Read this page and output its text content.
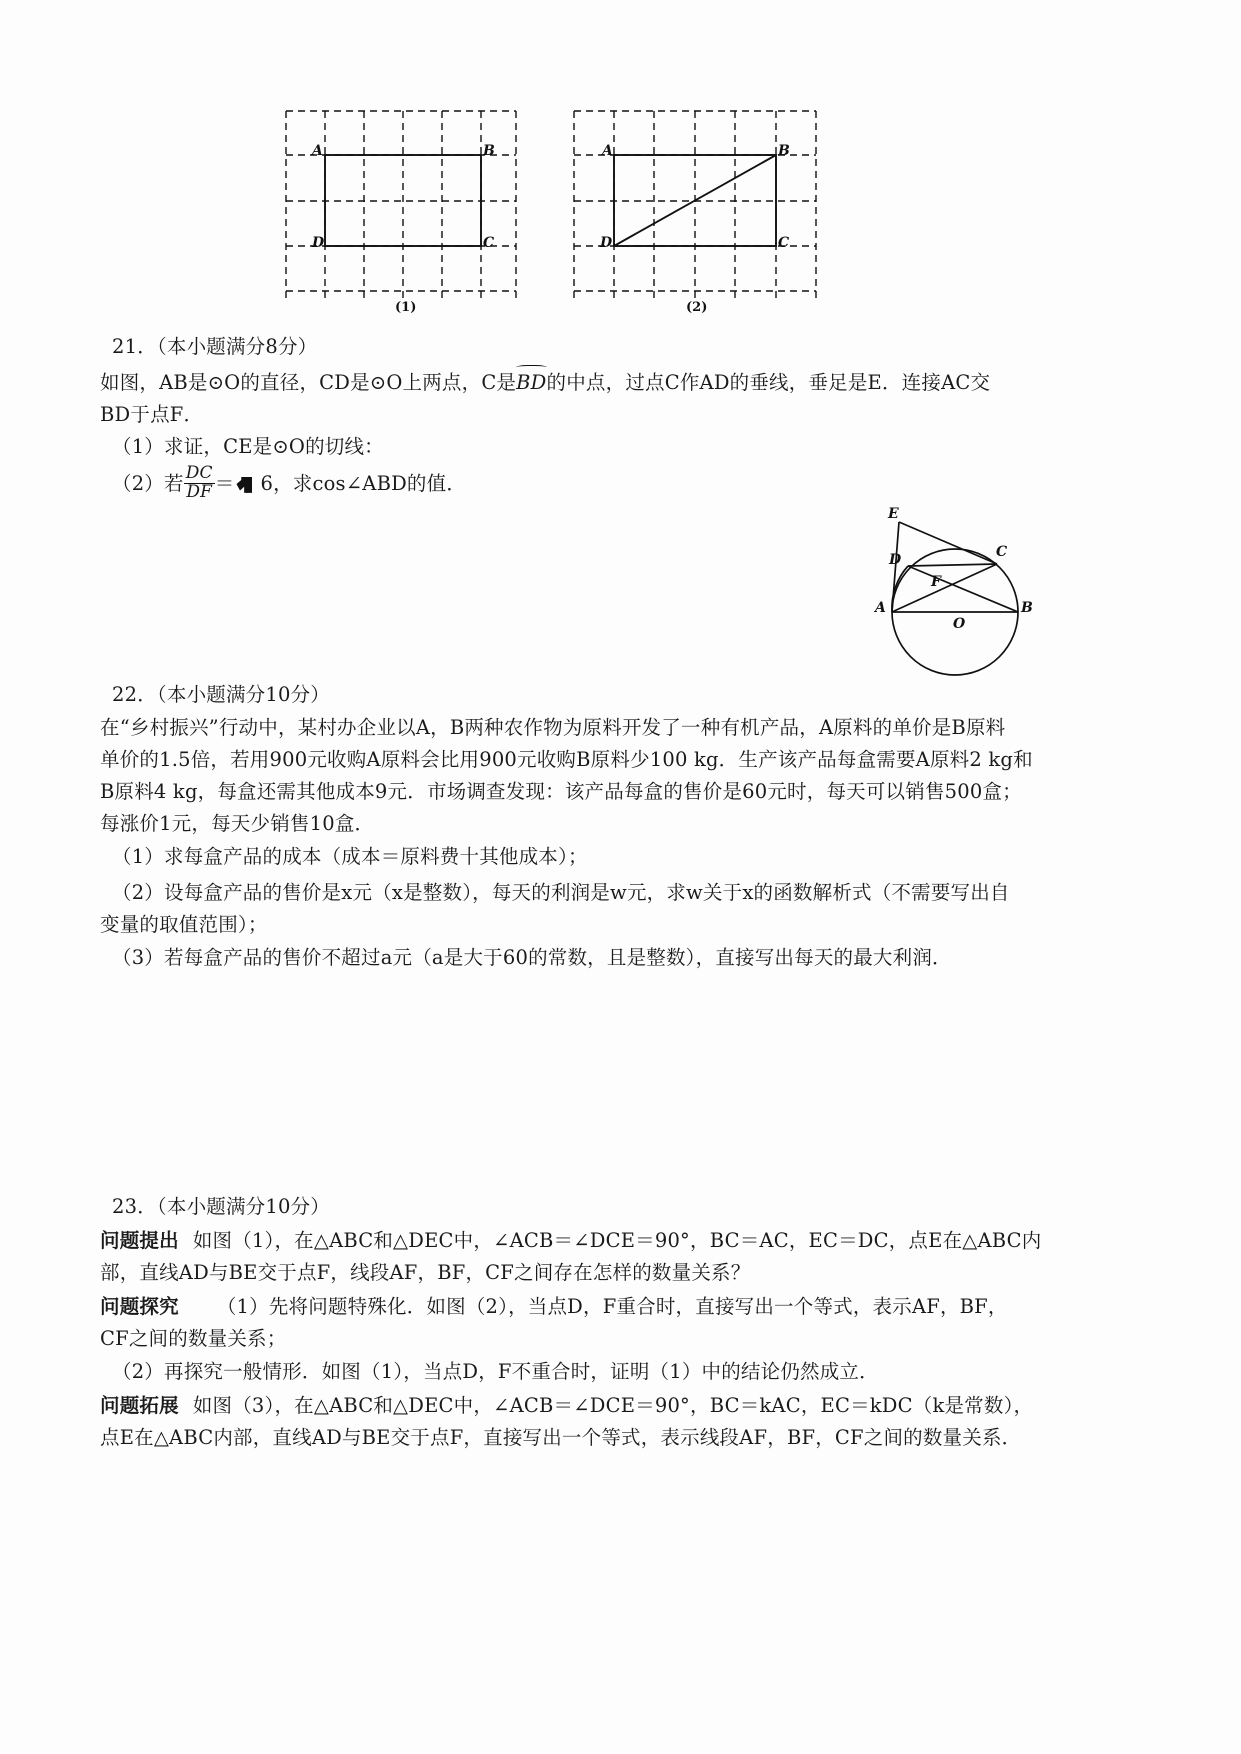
A	B
D	C
(1)
A	B
D	C
(2)
21．（本小题满分8分）
如图，AB是⊙O的直径，CD是⊙O上两点，C是
BD的中点，过点C作AD的垂线，垂足是E．连接AC交
BD于点F．
（1）求证，CE是⊙O的切线：
（2）若 $\frac{DC}{DF} = 6$，求cos∠ABD的值．
E
C
D
F
A	B
O
22．（本小题满分10分）
在“乡村振兴”行动中，某村办企业以A，B两种农作物为原料开发了一种有机产品，A原料的单价是B原料
单价的1.5倍，若用900元收购A原料会比用900元收购B原料少100 kg．生产该产品每盒需要A原料2 kg和
B原料4 kg，每盒还需其他成本9元．市场调查发现：该产品每盒的售价是60元时，每天可以销售500盒；
每涨价1元，每天少销售10盒．
（1）求每盒产品的成本（成本＝原料费十其他成本）；
（2）设每盒产品的售价是x元（x是整数），每天的利润是w元，求w关于x的函数解析式（不需要写出自
变量的取值范围）；
（3）若每盒产品的售价不超过a元（a是大于60的常数，且是整数），直接写出每天的最大利润．
23．（本小题满分10分）
问题提出 如图（1），在△ABC和△DEC中，∠ACB＝∠DCE＝90°，BC＝AC，EC＝DC，点E在△ABC内
部，直线AD与BE交于点F，线段AF，BF，CF之间存在怎样的数量关系？
问题探究 （1）先将问题特殊化．如图（2），当点D，F重合时，直接写出一个等式，表示AF，BF，
CF之间的数量关系；
（2）再探究一般情形．如图（1），当点D，F不重合时，证明（1）中的结论仍然成立．
问题拓展 如图（3），在△ABC和△DEC中，∠ACB＝∠DCE＝90°，BC＝kAC，EC＝kDC（k是常数），
点E在△ABC内部，直线AD与BE交于点F，直接写出一个等式，表示线段AF，BF，CF之间的数量关系．
